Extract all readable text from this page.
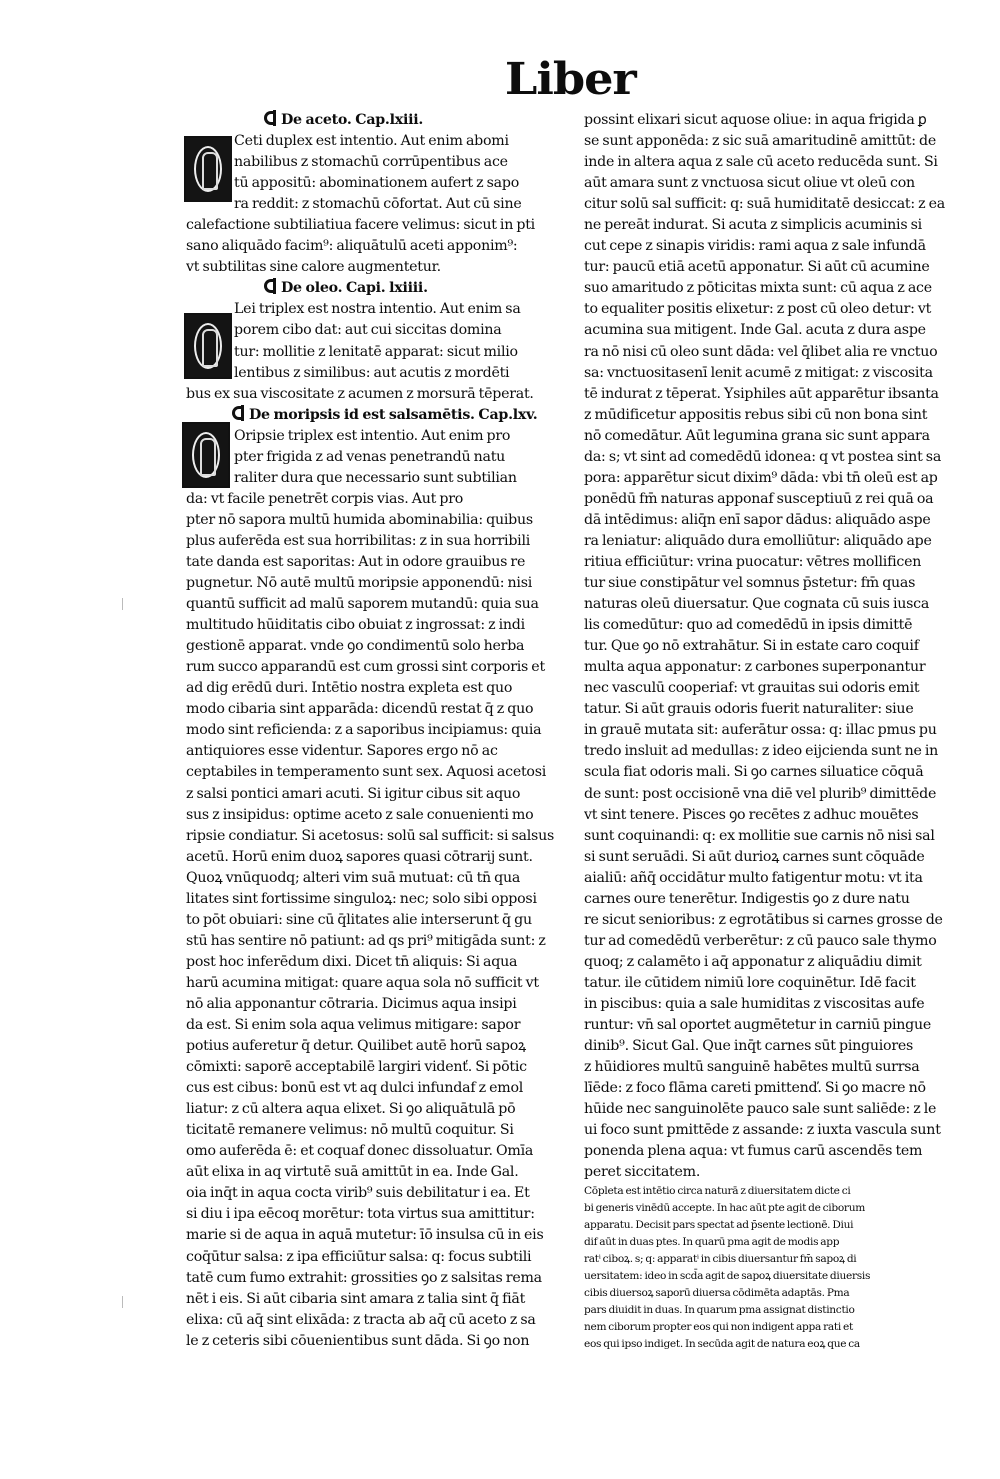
Liber
De aceto. Cap.lxiii.
Ceti duplex est intentio. Aut enim abomi
nabilibus z stomachū corrūpentibus ace
tū appositū: abominationem aufert z sapo
ra reddit: z stomachū cōfortat. Aut cū sine
calefactione subtiliatiua facere velimus: sicut in pti
sano aliquādo facim⁹: aliquātulū aceti apponim⁹:
vt subtilitas sine calore augmentetur.
De oleo. Capi. lxiiii.
Lei triplex est nostra intentio. Aut enim sa
porem cibo dat: aut cui siccitas domina
tur: mollitie z lenitatē apparat: sicut milio
lentibus z similibus: aut acutis z mordēti
bus ex sua viscositate z acumen z morsurā tēperat.
De moripsis id est salsamētis. Cap.lxv.
Oripsie triplex est intentio. Aut enim pro
pter frigida z ad venas penetrandū natu
raliter dura que necessario sunt subtilian
da: vt facile penetrēt corpis vias. Aut pro
pter nō sapora multū humida abominabilia: quibus
plus auferēda est sua horribilitas: z in sua horribili
tate danda est saporitas: Aut in odore grauibus re
pugnetur. Nō autē multū moripsie apponendū: nisi
quantū sufficit ad malū saporem mutandū: quia sua
multitudo hūiditatis cibo obuiat z ingrossat: z indi
gestionē apparat. vnde ꝯo condimentū solo herba
rum succo apparandū est cum grossi sint corporis et
ad dig erēdū duri. Intētio nostra expleta est quo
modo cibaria sint apparāda: dicendū restat q̄ z quo
modo sint reficienda: z a saporibus incipiamus: quia
antiquiores esse videntur. Sapores ergo nō ac
ceptabiles in temperamento sunt sex. Aquosi acetosi
z salsi pontici amari acuti. Si igitur cibus sit aquo
sus z insipidus: optime aceto z sale conuenienti mo
ripsie condiatur. Si acetosus: solū sal sufficit: si salsus
acetū. Horū enim duoꝝ sapores quasi cōtrarij sunt.
Quoꝝ vnūquodq; alteri vim suā mutuat: cū tn̄ qua
litates sint fortissime singuloꝝ: nec; solo sibi opposi
to pōt obuiari: sine cū q̄litates alie interserunt q̄ gu
stū has sentire nō patiunt: ad qs pri⁹ mitigāda sunt: z
post hoc inferēdum dixi. Dicet tn̄ aliquis: Si aqua
harū acumina mitigat: quare aqua sola nō sufficit vt
nō alia apponantur cōtraria. Dicimus aqua insipi
da est. Si enim sola aqua velimus mitigare: sapor
potius auferetur q̄ detur. Quilibet autē horū sapoꝝ
cōmixti: saporē acceptabilē largiri videnť. Si pōtic
cus est cibus: bonū est vt aq dulci infundaf z emol
liatur: z cū altera aqua elixet. Si ꝯo aliquātulā pō
ticitatē remanere velimus: nō multū coquitur. Si
omo auferēda ē: et coquaf donec dissoluatur. Omīa
aūt elixa in aq virtutē suā amittūt in ea. Inde Gal.
oia inq̄t in aqua cocta virib⁹ suis debilitatur i ea. Et
si diu i ipa eēcoq morētur: tota virtus sua amittitur:
marie si de aqua in aquā mutetur: īō insulsa cū in eis
coq̄ūtur salsa: z ipa efficiūtur salsa: q: focus subtili
tatē cum fumo extrahit: grossities ꝯo z salsitas rema
nēt i eis. Si aūt cibaria sint amara z talia sint q̄ fiāt
elixa: cū aq̄ sint elixāda: z tracta ab aq̄ cū aceto z sa
le z ceteris sibi cōuenientibus sunt dāda. Si ꝯo non
possint elixari sicut aquose oliue: in aqua frigida ꝑ
se sunt apponēda: z sic suā amaritudinē amittūt: de
inde in altera aqua z sale cū aceto reducēda sunt. Si
aūt amara sunt z vnctuosa sicut oliue vt oleū con
citur solū sal sufficit: q: suā humiditatē desiccat: z ea
ne pereāt indurat. Si acuta z simplicis acuminis si
cut cepe z sinapis viridis: rami aqua z sale infundā
tur: paucū etiā acetū apponatur. Si aūt cū acumine
suo amaritudo z pōticitas mixta sunt: cū aqua z ace
to equaliter positis elixetur: z post cū oleo detur: vt
acumina sua mitigent. Inde Gal. acuta z dura aspe
ra nō nisi cū oleo sunt dāda: vel q̄libet alia re vnctuo
sa: vnctuositasenī lenit acumē z mitigat: z viscosita
tē indurat z tēperat. Ysiphiles aūt apparētur ibsanta
z mūdificetur appositis rebus sibi cū non bona sint
nō comedātur. Aūt legumina grana sic sunt appara
da: s; vt sint ad comedēdū idonea: q vt postea sint sa
pora: apparētur sicut dixim⁹ dāda: vbi tn̄ oleū est ap
ponēdū fm̄ naturas apponaf susceptiuū z rei quā oa
dā intēdimus: aliq̄n enī sapor dādus: aliquādo aspe
ra leniatur: aliquādo dura emolliūtur: aliquādo ape
ritiua efficiūtur: vrina puocatur: vētres mollificen
tur siue constipātur vel somnus p̄stetur: fm̄ quas
naturas oleū diuersatur. Que cognata cū suis iusca
lis comedūtur: quo ad comedēdū in ipsis dimittē
tur. Que ꝯo nō extrahātur. Si in estate caro coquif
multa aqua apponatur: z carbones superponantur
nec vasculū cooperiaf: vt grauitas sui odoris emit
tatur. Si aūt grauis odoris fuerit naturaliter: siue
in grauē mutata sit: auferātur ossa: q: illac pmus pu
tredo insluit ad medullas: z ideo eijcienda sunt ne in
scula fiat odoris mali. Si ꝯo carnes siluatice cōquā
de sunt: post occisionē vna diē vel plurib⁹ dimittēde
vt sint tenere. Pisces ꝯo recētes z adhuc mouētes
sunt coquinandi: q: ex mollitie sue carnis nō nisi sal
si sunt seruādi. Si aūt durioꝝ carnes sunt cōquāde
aialiū: añq̄ occidātur multo fatigentur motu: vt ita
carnes oure tenerētur. Indigestis ꝯo z dure natu
re sicut senioribus: z egrotātibus si carnes grosse de
tur ad comedēdū verberētur: z cū pauco sale thymo
quoq; z calamēto i aq̄ apponatur z aliquādiu dimit
tatur. ile cūtidem nimiū lore coquinētur. Idē facit
in piscibus: quia a sale humiditas z viscositas aufe
runtur: vn̄ sal oportet augmētetur in carniū pingue
dinib⁹. Sicut Gal. Que inq̄t carnes sūt pinguiores
z hūidiores multū sanguinē habētes multū surrsa
līēde: z foco flāma careti pmittenď. Si ꝯo macre nō
hūide nec sanguinolēte pauco sale sunt saliēde: z le
ui foco sunt pmittēde z assande: z iuxta vascula sunt
ponenda plena aqua: vt fumus carū ascendēs tem
peret siccitatem.
Cōpleta est intētio circa naturā z diuersitatem dicte ci
bi generis vinēdū accepte. In hac aūt pte agit de ciborum
apparatu. Decisit pars spectat ad p̄sente lectionē. Diui
dif aūt in duas ptes. In quarū pma agit de modis app
ratⁱ ciboꝝ. s; q: apparatⁱ in cibis diuersantur fm̄ sapoꝝ di
uersitatem: ideo in scd̄a agit de sapoꝝ diuersitate diuersis
cibis diuersoꝝ saporū diuersa cōdimēta adaptās. Pma
pars diuidit in duas. In quarum pma assignat distinctio
nem ciborum propter eos qui non indigent appa rati et
eos qui ipso indiget. In secūda agit de natura eoꝝ que ca
